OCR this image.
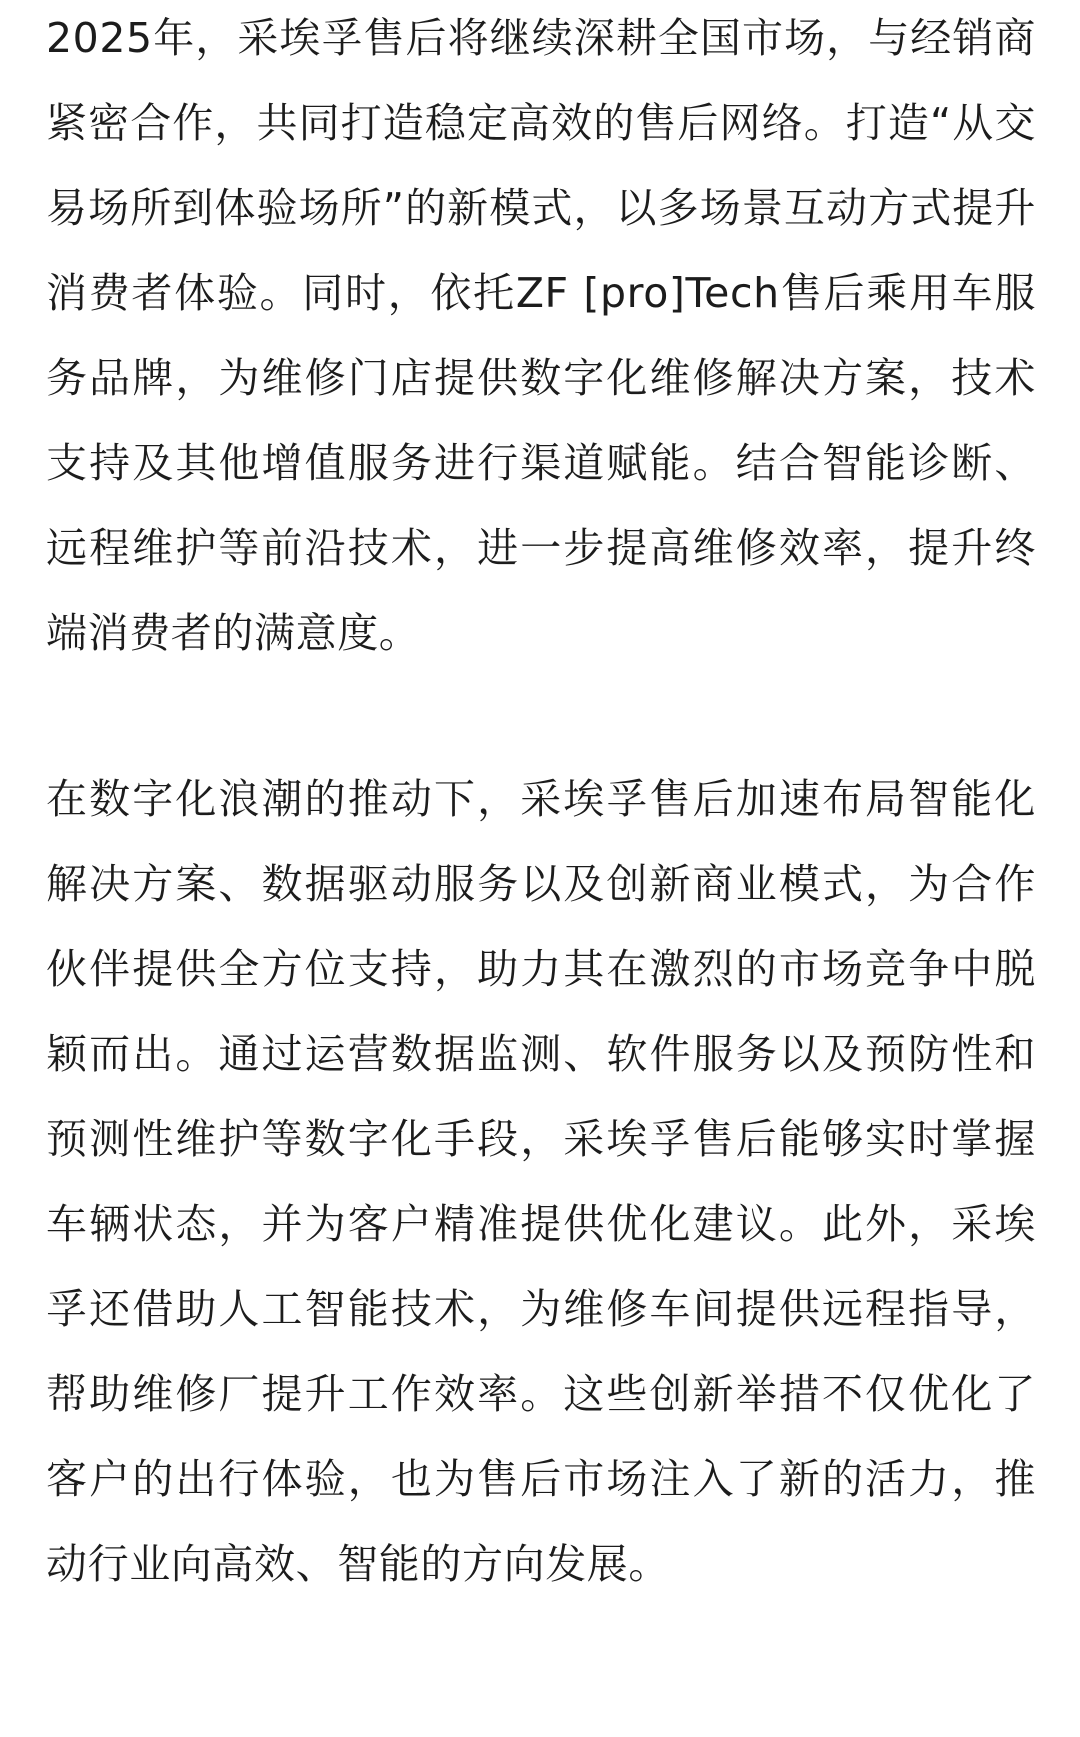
2025年，采埃孚售后将继续深耕全国市场，与经销商紧密合作，共同打造稳定高效的售后网络。打造“从交易场所到体验场所”的新模式，以多场景互动方式提升消费者体验。同时，依托ZF [pro]Tech售后乘用车服务品牌，为维修门店提供数字化维修解决方案，技术支持及其他增值服务进行渠道赋能。结合智能诊断、远程维护等前沿技术，进一步提高维修效率，提升终端消费者的满意度。

在数字化浪潮的推动下，采埃孚售后加速布局智能化解决方案、数据驱动服务以及创新商业模式，为合作伙伴提供全方位支持，助力其在激烈的市场竞争中脱颖而出。通过运营数据监测、软件服务以及预防性和预测性维护等数字化手段，采埃孚售后能够实时掌握车辆状态，并为客户精准提供优化建议。此外，采埃孚还借助人工智能技术，为维修车间提供远程指导，帮助维修厂提升工作效率。这些创新举措不仅优化了客户的出行体验，也为售后市场注入了新的活力，推动行业向高效、智能的方向发展。
